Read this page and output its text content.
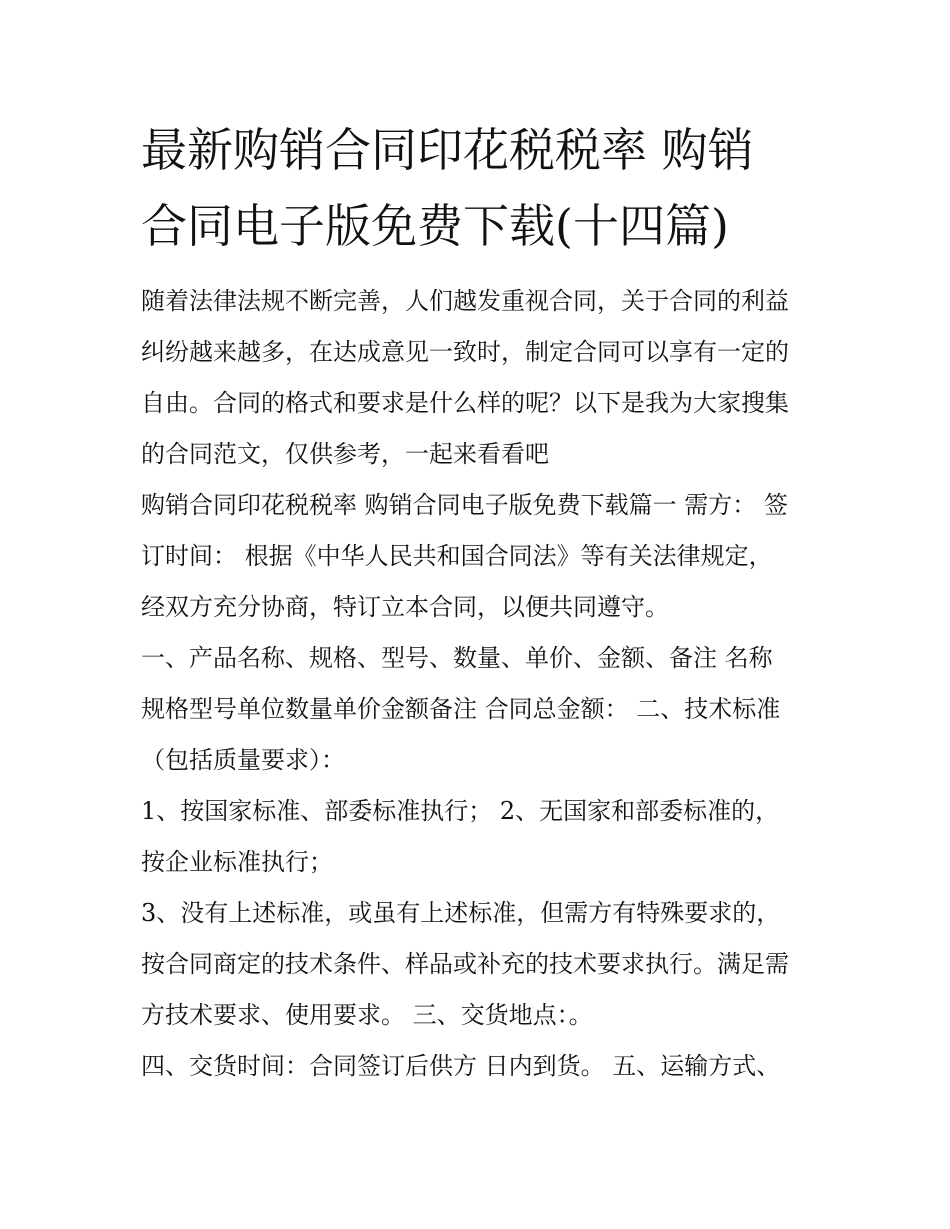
最新购销合同印花税税率 购销
合同电子版免费下载(十四篇)
随着法律法规不断完善，人们越发重视合同，关于合同的利益
纠纷越来越多，在达成意见一致时，制定合同可以享有一定的
自由。合同的格式和要求是什么样的呢？以下是我为大家搜集
的合同范文，仅供参考，一起来看看吧
购销合同印花税税率 购销合同电子版免费下载篇一 需方： 签
订时间： 根据《中华人民共和国合同法》等有关法律规定，
经双方充分协商，特订立本合同，以便共同遵守。
一、产品名称、规格、型号、数量、单价、金额、备注 名称
规格型号单位数量单价金额备注 合同总金额： 二、技术标准
（包括质量要求）：
1、按国家标准、部委标准执行； 2、无国家和部委标准的，
按企业标准执行；
3、没有上述标准，或虽有上述标准，但需方有特殊要求的，
按合同商定的技术条件、样品或补充的技术要求执行。满足需
方技术要求、使用要求。 三、交货地点：。
四、交货时间：合同签订后供方 日内到货。 五、运输方式、
